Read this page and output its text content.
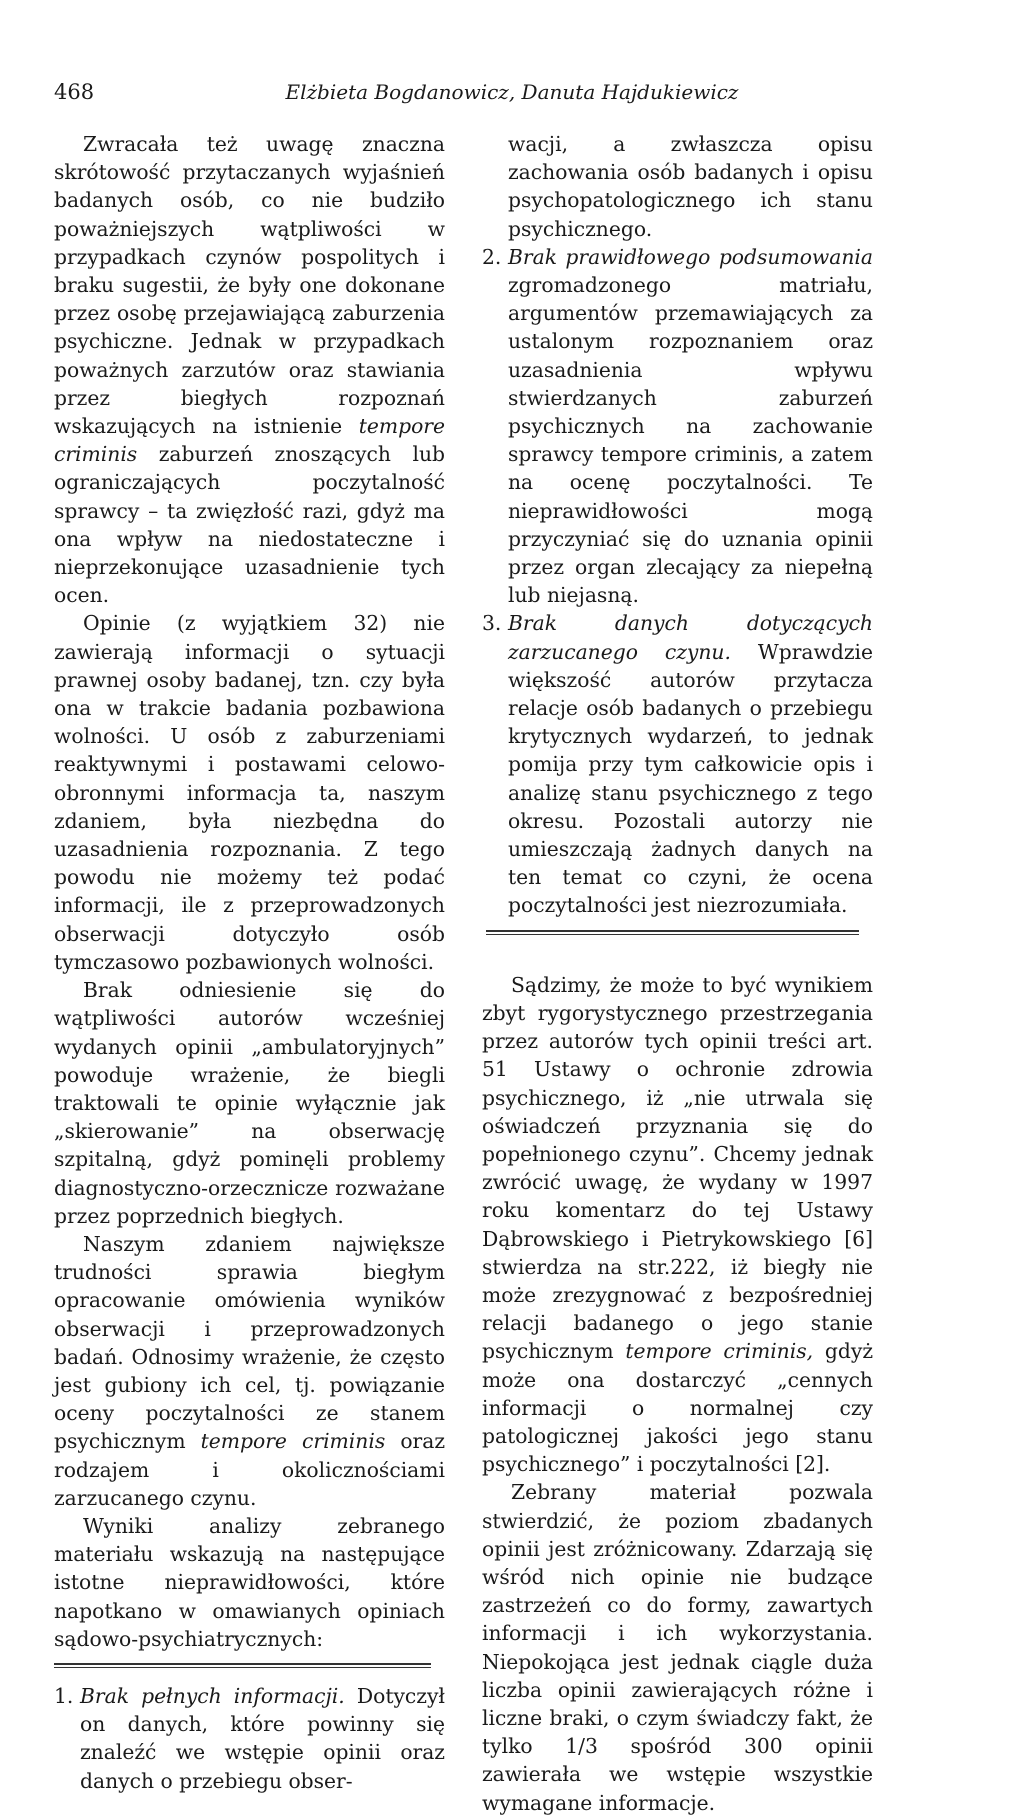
468	Elżbieta Bogdanowicz, Danuta Hajdukiewicz

Zwracała też uwagę znaczna skrótowość przytaczanych wyjaśnień badanych osób, co nie budziło poważniejszych wątpliwości w przypadkach czynów pospolitych i braku sugestii, że były one dokonane przez osobę przejawiającą zaburzenia psychiczne. Jednak w przypadkach poważnych zarzutów oraz stawiania przez biegłych rozpoznań wskazujących na istnienie tempore criminis zaburzeń znoszących lub ograniczających poczytalność sprawcy – ta zwięzłość razi, gdyż ma ona wpływ na niedostateczne i nieprzekonujące uzasadnienie tych ocen.

Opinie (z wyjątkiem 32) nie zawierają informacji o sytuacji prawnej osoby badanej, tzn. czy była ona w trakcie badania pozbawiona wolności. U osób z zaburzeniami reaktywnymi i postawami celowo-obronnymi informacja ta, naszym zdaniem, była niezbędna do uzasadnienia rozpoznania. Z tego powodu nie możemy też podać informacji, ile z przeprowadzonych obserwacji dotyczyło osób tymczasowo pozbawionych wolności.

Brak odniesienie się do wątpliwości autorów wcześniej wydanych opinii „ambulatoryjnych” powoduje wrażenie, że biegli traktowali te opinie wyłącznie jak „skierowanie” na obserwację szpitalną, gdyż pominęli problemy diagnostyczno-orzecznicze rozważane przez poprzednich biegłych.

Naszym zdaniem największe trudności sprawia biegłym opracowanie omówienia wyników obserwacji i przeprowadzonych badań. Odnosimy wrażenie, że często jest gubiony ich cel, tj. powiązanie oceny poczytalności ze stanem psychicznym tempore criminis oraz rodzajem i okolicznościami zarzucanego czynu.

Wyniki analizy zebranego materiału wskazują na następujące istotne nieprawidłowości, które napotkano w omawianych opiniach sądowo-psychiatrycznych:

1. Brak pełnych informacji. Dotyczył on danych, które powinny się znaleźć we wstępie opinii oraz danych o przebiegu obser-
wacji, a zwłaszcza opisu zachowania osób badanych i opisu psychopatologicznego ich stanu psychicznego.
2. Brak prawidłowego podsumowania zgromadzonego matriału, argumentów przemawiających za ustalonym rozpoznaniem oraz uzasadnienia wpływu stwierdzanych zaburzeń psychicznych na zachowanie sprawcy tempore criminis, a zatem na ocenę poczytalności. Te nieprawidłowości mogą przyczyniać się do uznania opinii przez organ zlecający za niepełną lub niejasną.
3. Brak danych dotyczących zarzucanego czynu. Wprawdzie większość autorów przytacza relacje osób badanych o przebiegu krytycznych wydarzeń, to jednak pomija przy tym całkowicie opis i analizę stanu psychicznego z tego okresu. Pozostali autorzy nie umieszczają żadnych danych na ten temat co czyni, że ocena poczytalności jest niezrozumiała.

Sądzimy, że może to być wynikiem zbyt rygorystycznego przestrzegania przez autorów tych opinii treści art. 51 Ustawy o ochronie zdrowia psychicznego, iż „nie utrwala się oświadczeń przyznania się do popełnionego czynu”. Chcemy jednak zwrócić uwagę, że wydany w 1997 roku komentarz do tej Ustawy Dąbrowskiego i Pietrykowskiego [6] stwierdza na str.222, iż biegły nie może zrezygnować z bezpośredniej relacji badanego o jego stanie psychicznym tempore criminis, gdyż może ona dostarczyć „cennych informacji o normalnej czy patologicznej jakości jego stanu psychicznego” i poczytalności [2].

Zebrany materiał pozwala stwierdzić, że poziom zbadanych opinii jest zróżnicowany. Zdarzają się wśród nich opinie nie budzące zastrzeżeń co do formy, zawartych informacji i ich wykorzystania. Niepokojąca jest jednak ciągle duża liczba opinii zawierających różne i liczne braki, o czym świadczy fakt, że tylko 1/3 spośród 300 opinii zawierała we wstępie wszystkie wymagane informacje.
